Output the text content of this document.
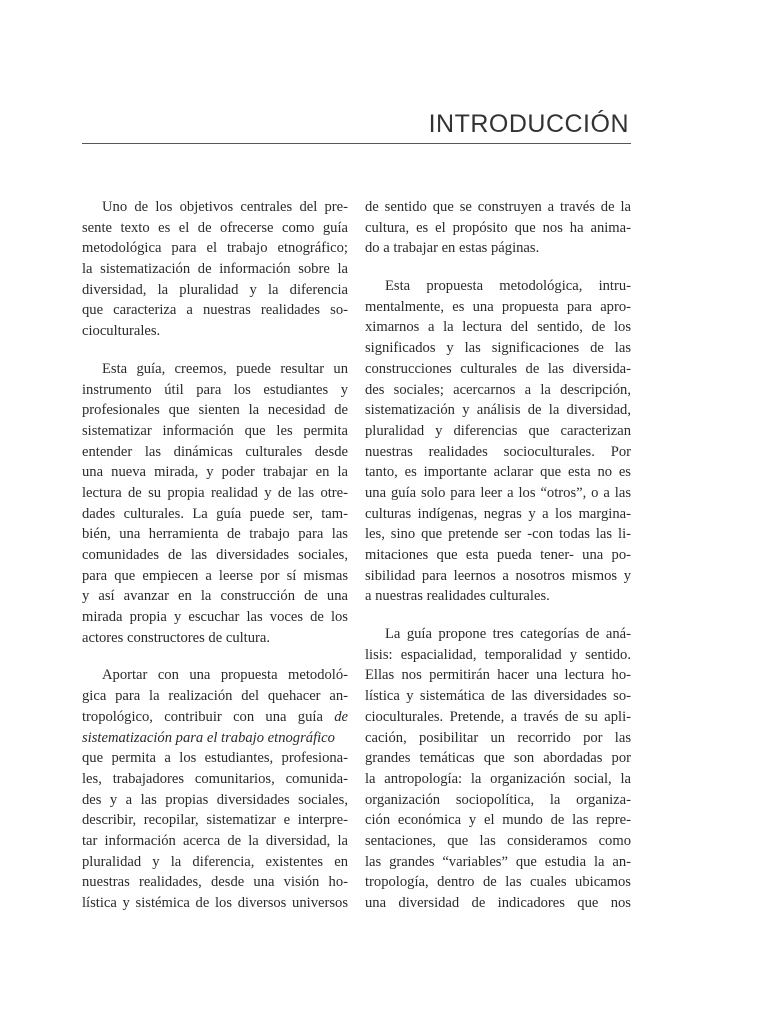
INTRODUCCIÓN
Uno de los objetivos centrales del pre-
sente texto es el de ofrecerse como guía
metodológica para el trabajo etnográfico;
la sistematización de información sobre la
diversidad, la pluralidad y la diferencia
que caracteriza a nuestras realidades so-
cioculturales.
Esta guía, creemos, puede resultar un
instrumento útil para los estudiantes y
profesionales que sienten la necesidad de
sistematizar información que les permita
entender las dinámicas culturales desde
una nueva mirada, y poder trabajar en la
lectura de su propia realidad y de las otre-
dades culturales. La guía puede ser, tam-
bién, una herramienta de trabajo para las
comunidades de las diversidades sociales,
para que empiecen a leerse por sí mismas
y así avanzar en la construcción de una
mirada propia y escuchar las voces de los
actores constructores de cultura.
Aportar con una propuesta metodoló-
gica para la realización del quehacer an-
tropológico, contribuir con una guía de
sistematización para el trabajo etnográfico
que permita a los estudiantes, profesiona-
les, trabajadores comunitarios, comunida-
des y a las propias diversidades sociales,
describir, recopilar, sistematizar e interpre-
tar información acerca de la diversidad, la
pluralidad y la diferencia, existentes en
nuestras realidades, desde una visión ho-
lística y sistémica de los diversos universos
de sentido que se construyen a través de la
cultura, es el propósito que nos ha anima-
do a trabajar en estas páginas.
Esta propuesta metodológica, intru-
mentalmente, es una propuesta para apro-
ximarnos a la lectura del sentido, de los
significados y las significaciones de las
construcciones culturales de las diversida-
des sociales; acercarnos a la descripción,
sistematización y análisis de la diversidad,
pluralidad y diferencias que caracterizan
nuestras realidades socioculturales. Por
tanto, es importante aclarar que esta no es
una guía solo para leer a los “otros”, o a las
culturas indígenas, negras y a los margina-
les, sino que pretende ser -con todas las li-
mitaciones que esta pueda tener- una po-
sibilidad para leernos a nosotros mismos y
a nuestras realidades culturales.
La guía propone tres categorías de aná-
lisis: espacialidad, temporalidad y sentido.
Ellas nos permitirán hacer una lectura ho-
lística y sistemática de las diversidades so-
cioculturales. Pretende, a través de su apli-
cación, posibilitar un recorrido por las
grandes temáticas que son abordadas por
la antropología: la organización social, la
organización sociopolítica, la organiza-
ción económica y el mundo de las repre-
sentaciones, que las consideramos como
las grandes “variables” que estudia la an-
tropología, dentro de las cuales ubicamos
una diversidad de indicadores que nos
